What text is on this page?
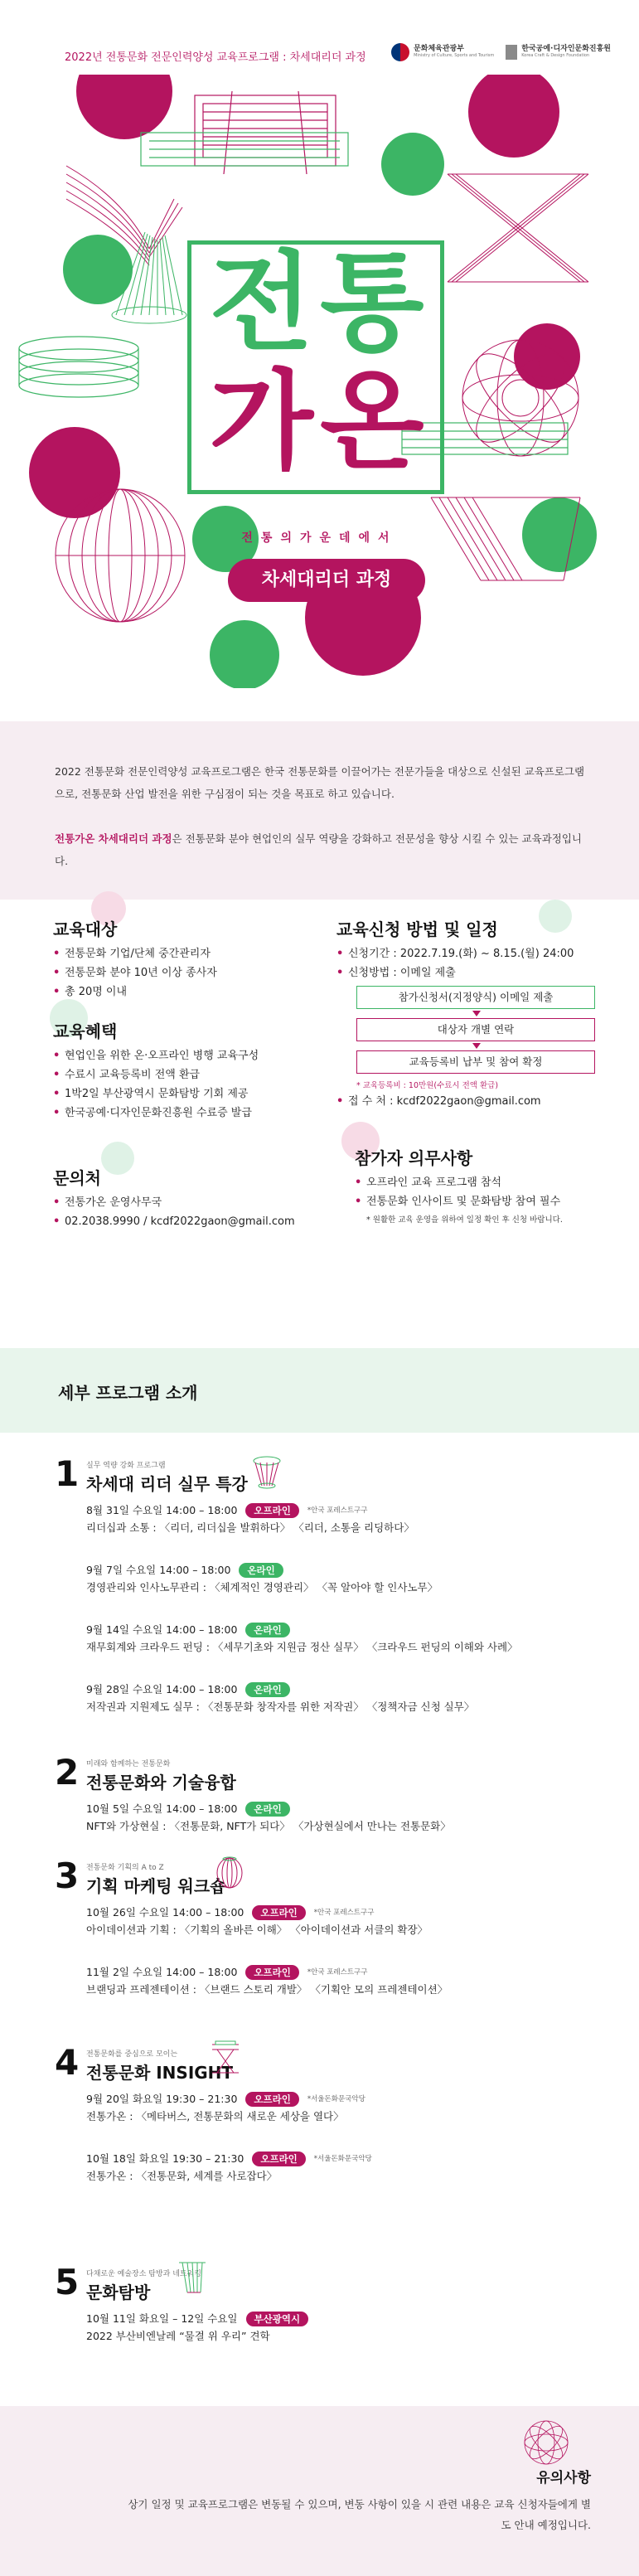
2022년 전통문화 전문인력양성 교육프로그램 : 차세대리더 과정
문화체육관광부
Ministry of Culture, Sports and Tourism
한국공예·디자인문화진흥원
Korea Craft & Design Foundation
전통
가온
전통의가운데에서
차세대리더 과정

2022 전통문화 전문인력양성 교육프로그램은 한국 전통문화를 이끌어가는 전문가들을 대상으로 신설된 교육프로그램으로, 전통문화 산업 발전을 위한 구심점이 되는 것을 목표로 하고 있습니다.

전통가온 차세대리더 과정은 전통문화 분야 현업인의 실무 역량을 강화하고 전문성을 향상 시킬 수 있는 교육과정입니다.

교육대상
• 전통문화 기업/단체 중간관리자
• 전통문화 분야 10년 이상 종사자
• 총 20명 이내
교육혜택
• 현업인을 위한 온·오프라인 병행 교육구성
• 수료시 교육등록비 전액 환급
• 1박2일 부산광역시 문화탐방 기회 제공
• 한국공예·디자인문화진흥원 수료증 발급
문의처
• 전통가온 운영사무국
• 02.2038.9990 / kcdf2022gaon@gmail.com
교육신청 방법 및 일정
• 신청기간 : 2022.7.19.(화) ~ 8.15.(월) 24:00
• 신청방법 : 이메일 제출
참가신청서(지정양식) 이메일 제출
대상자 개별 연락
교육등록비 납부 및 참여 확정
* 교육등록비 : 10만원(수료시 전액 환급)
• 접 수 처 : kcdf2022gaon@gmail.com
참가자 의무사항
• 오프라인 교육 프로그램 참석
• 전통문화 인사이트 및 문화탐방 참여 필수
* 원활한 교육 운영을 위하여 일정 확인 후 신청 바랍니다.
세부 프로그램 소개
1 실무 역량 강화 프로그램
차세대 리더 실무 특강
8월 31일 수요일 14:00 – 18:00	오프라인	*안국 포레스트구구
리더십과 소통 : 〈리더, 리더십을 발휘하다〉 〈리더, 소통을 리딩하다〉
9월 7일 수요일 14:00 – 18:00	온라인
경영관리와 인사노무관리 : 〈체계적인 경영관리〉 〈꼭 알아야 할 인사노무〉
9월 14일 수요일 14:00 – 18:00	온라인
재무회계와 크라우드 펀딩 : 〈세무기초와 지원금 정산 실무〉 〈크라우드 펀딩의 이해와 사례〉
9월 28일 수요일 14:00 – 18:00	온라인
저작권과 지원제도 실무 : 〈전통문화 창작자를 위한 저작권〉 〈정책자금 신청 실무〉
2 미래와 함께하는 전통문화
전통문화와 기술융합
10월 5일 수요일 14:00 – 18:00	온라인
NFT와 가상현실 : 〈전통문화, NFT가 되다〉 〈가상현실에서 만나는 전통문화〉
3 전통문화 기획의 A to Z
기획 마케팅 워크숍
10월 26일 수요일 14:00 – 18:00	오프라인	*안국 포레스트구구
아이데이션과 기획 : 〈기획의 올바른 이해〉 〈아이데이션과 서클의 확장〉
11월 2일 수요일 14:00 – 18:00	오프라인	*안국 포레스트구구
브랜딩과 프레젠테이션 : 〈브랜드 스토리 개발〉 〈기획안 모의 프레젠테이션〉
4 전통문화를 중심으로 모이는
전통문화 INSIGHT
9월 20일 화요일 19:30 – 21:30	오프라인	*서울돈화문국악당
전통가온 : 〈메타버스, 전통문화의 새로운 세상을 열다〉
10월 18일 화요일 19:30 – 21:30	오프라인	*서울돈화문국악당
전통가온 : 〈전통문화, 세계를 사로잡다〉
5 다채로운 예술장소 탐방과 네트워킹
문화탐방
10월 11일 화요일 – 12일 수요일	부산광역시
2022 부산비엔날레 “물결 위 우리” 견학
유의사항
상기 일정 및 교육프로그램은 변동될 수 있으며, 변동 사항이 있을 시 관련 내용은 교육 신청자들에게 별도 안내 예정입니다.
